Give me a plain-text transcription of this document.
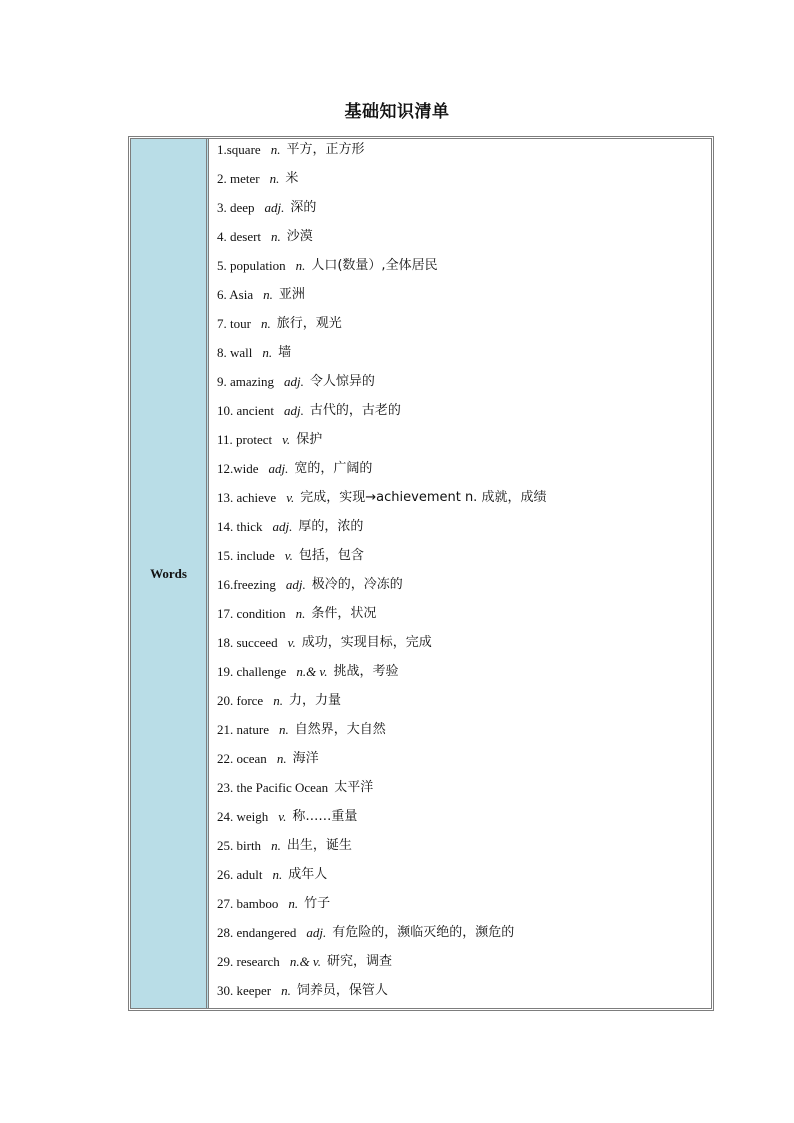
基础知识清单
Words
1.square n. 平方，正方形
2. meter n. 米
3. deep adj. 深的
4. desert n. 沙漠
5. population n. 人口(数量）,全体居民
6. Asia n. 亚洲
7. tour n. 旅行，观光
8. wall n. 墙
9. amazing adj. 令人惊异的
10. ancient adj. 古代的，古老的
11. protect v. 保护
12.wide adj. 宽的，广阔的
13. achieve v. 完成，实现→achievement n. 成就，成绩
14. thick adj. 厚的，浓的
15. include v. 包括，包含
16.freezing adj. 极冷的，冷冻的
17. condition n. 条件，状况
18. succeed v. 成功，实现目标，完成
19. challenge n.& v. 挑战，考验
20. force n. 力，力量
21. nature n. 自然界，大自然
22. ocean n. 海洋
23. the Pacific Ocean 太平洋
24. weigh v. 称……重量
25. birth n. 出生，诞生
26. adult n. 成年人
27. bamboo n. 竹子
28. endangered adj. 有危险的，濒临灭绝的，濒危的
29. research n.& v. 研究，调查
30. keeper n. 饲养员，保管人
